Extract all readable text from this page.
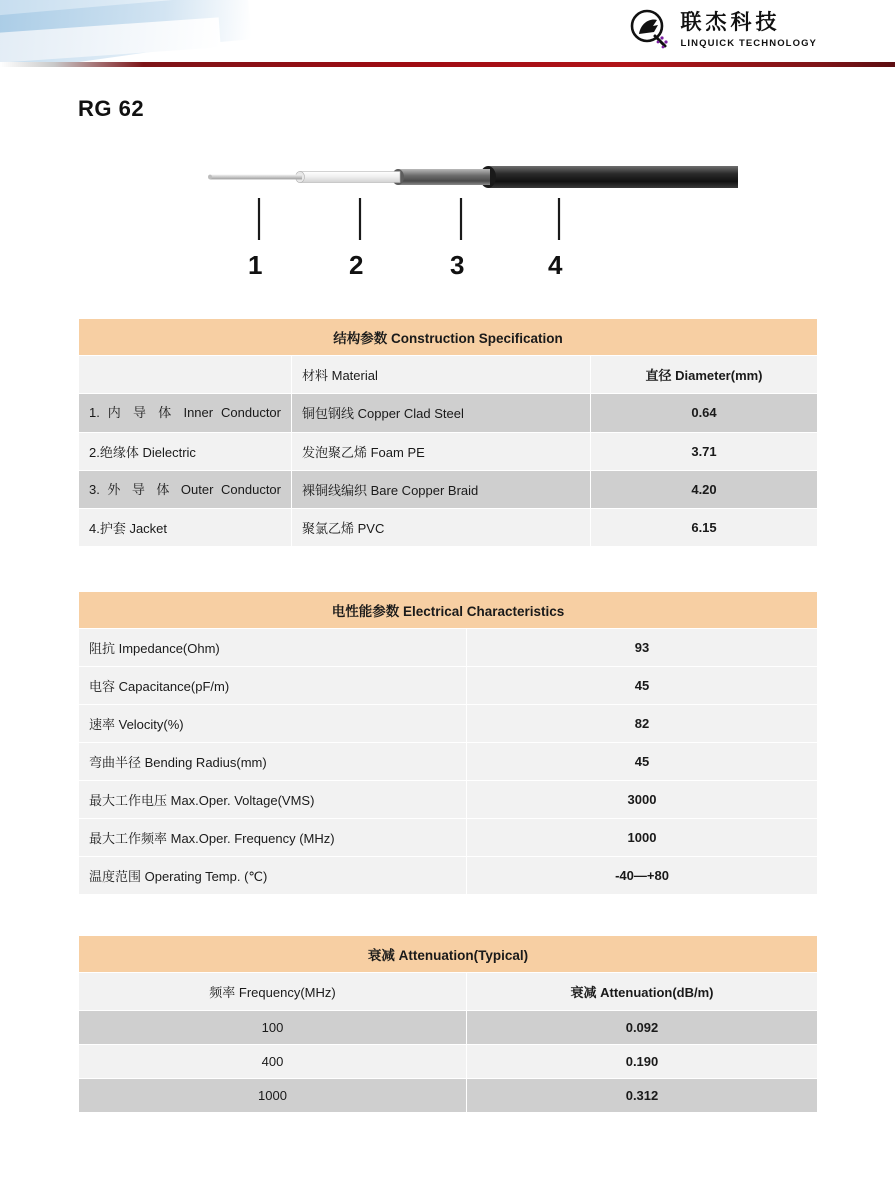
联杰科技
LINQUICK TECHNOLOGY
RG 62
1	2	3	4
结构参数 Construction Specification		
	材料 Material	直径 Diameter(mm)
1. 内 导 体 Inner Conductor	铜包钢线 Copper Clad Steel	0.64
2.绝缘体 Dielectric	发泡聚乙烯 Foam PE	3.71
3. 外 导 体 Outer Conductor	裸铜线编织 Bare Copper Braid	4.20
4.护套 Jacket	聚氯乙烯 PVC	6.15
电性能参数 Electrical Characteristics	
阻抗 Impedance(Ohm)	93
电容 Capacitance(pF/m)	45
速率 Velocity(%)	82
弯曲半径 Bending Radius(mm)	45
最大工作电压 Max.Oper. Voltage(VMS)	3000
最大工作频率 Max.Oper. Frequency (MHz)	1000
温度范围 Operating Temp. (℃)	-40—+80
衰减 Attenuation(Typical)	
频率 Frequency(MHz)	衰减 Attenuation(dB/m)
100	0.092
400	0.190
1000	0.312
